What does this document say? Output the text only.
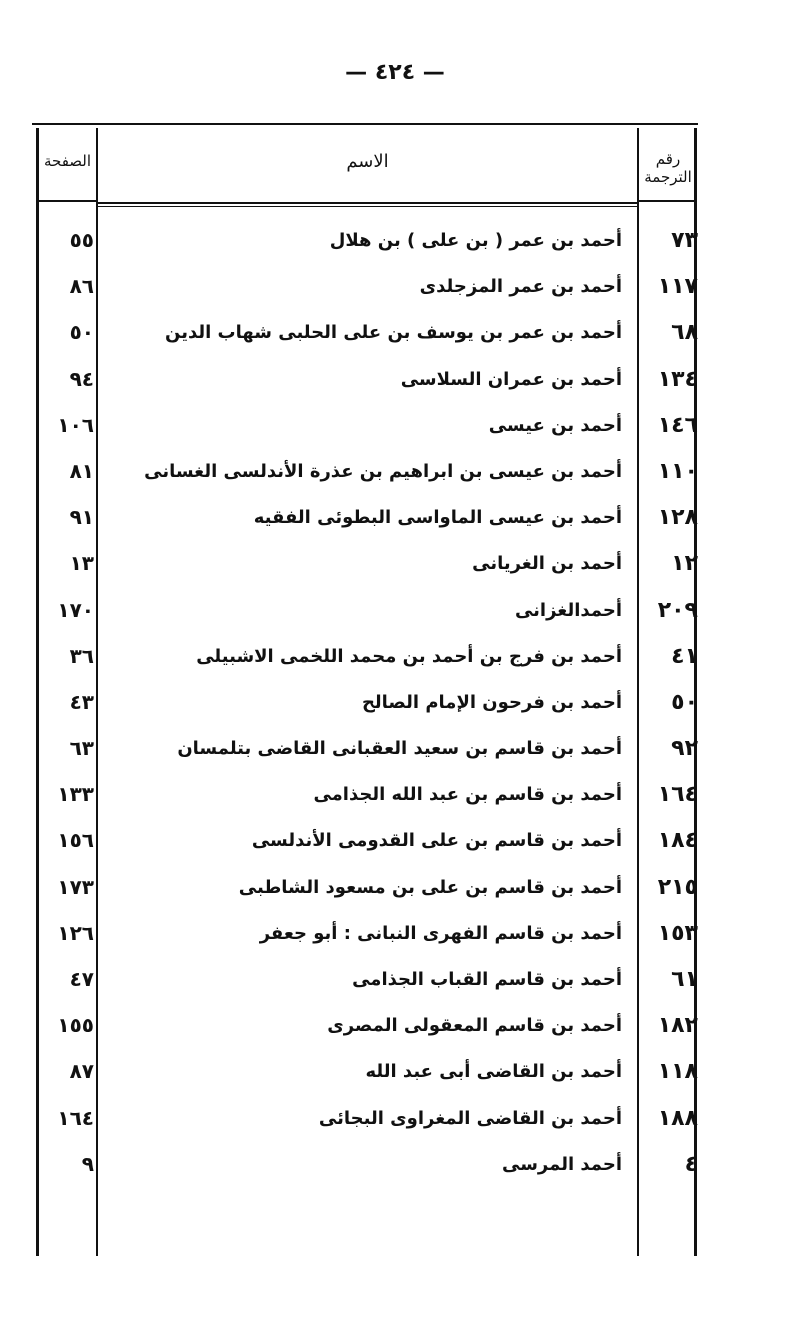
— ٤٢٤ —
رقم الترجمة
الاسم
الصفحة
٧٣
أحمد بن عمر ( بن على ) بن هلال
٥٥
١١٧
أحمد بن عمر المزجلدى
٨٦
٦٨
أحمد بن عمر بن يوسف بن على الحلبى شهاب الدين
٥٠
١٣٤
أحمد بن عمران السلاسى
٩٤
١٤٦
أحمد بن عيسى
١٠٦
١١٠
أحمد بن عيسى بن ابراهيم بن عذرة الأندلسى الغسانى
٨١
١٢٨
أحمد بن عيسى الماواسى البطوئى الفقيه
٩١
١٢
أحمد بن الغريانى
١٣
٢٠٩
أحمدالغزانى
١٧٠
٤١
أحمد بن فرج بن أحمد بن محمد اللخمى الاشبيلى
٣٦
٥٠
أحمد بن فرحون الإمام الصالح
٤٣
٩٢
أحمد بن قاسم بن سعيد العقبانى القاضى بتلمسان
٦٣
١٦٤
أحمد بن قاسم بن عبد الله الجذامى
١٣٣
١٨٤
أحمد بن قاسم بن على القدومى الأندلسى
١٥٦
٢١٥
أحمد بن قاسم بن على بن مسعود الشاطبى
١٧٣
١٥٣
أحمد بن قاسم الفهرى النبانى : أبو جعفر
١٢٦
٦١
أحمد بن قاسم القباب الجذامى
٤٧
١٨٢
أحمد بن قاسم المعقولى المصرى
١٥٥
١١٨
أحمد بن القاضى أبى عبد الله
٨٧
١٨٨
أحمد بن القاضى المغراوى البجائى
١٦٤
٤
أحمد المرسى
٩
